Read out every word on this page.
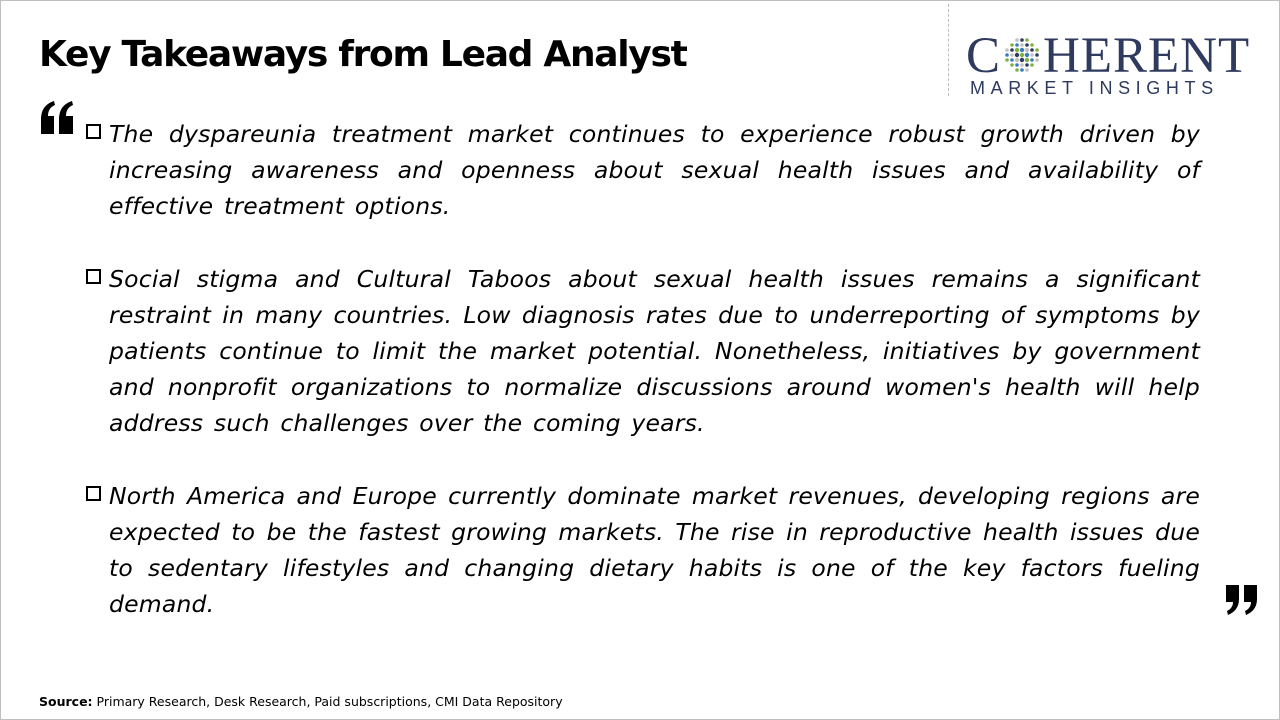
Key Takeaways from Lead Analyst	C HERENT
MARKET INSIGHTS
The dyspareunia treatment market continues to experience robust growth driven by increasing awareness and openness about sexual health issues and availability of effective treatment options.
Social stigma and Cultural Taboos about sexual health issues remains a significant restraint in many countries. Low diagnosis rates due to underreporting of symptoms by patients continue to limit the market potential. Nonetheless, initiatives by government and nonprofit organizations to normalize discussions around women's health will help address such challenges over the coming years.
North America and Europe currently dominate market revenues, developing regions are expected to be the fastest growing markets. The rise in reproductive health issues due to sedentary lifestyles and changing dietary habits is one of the key factors fueling demand.
Source: Primary Research, Desk Research, Paid subscriptions, CMI Data Repository
